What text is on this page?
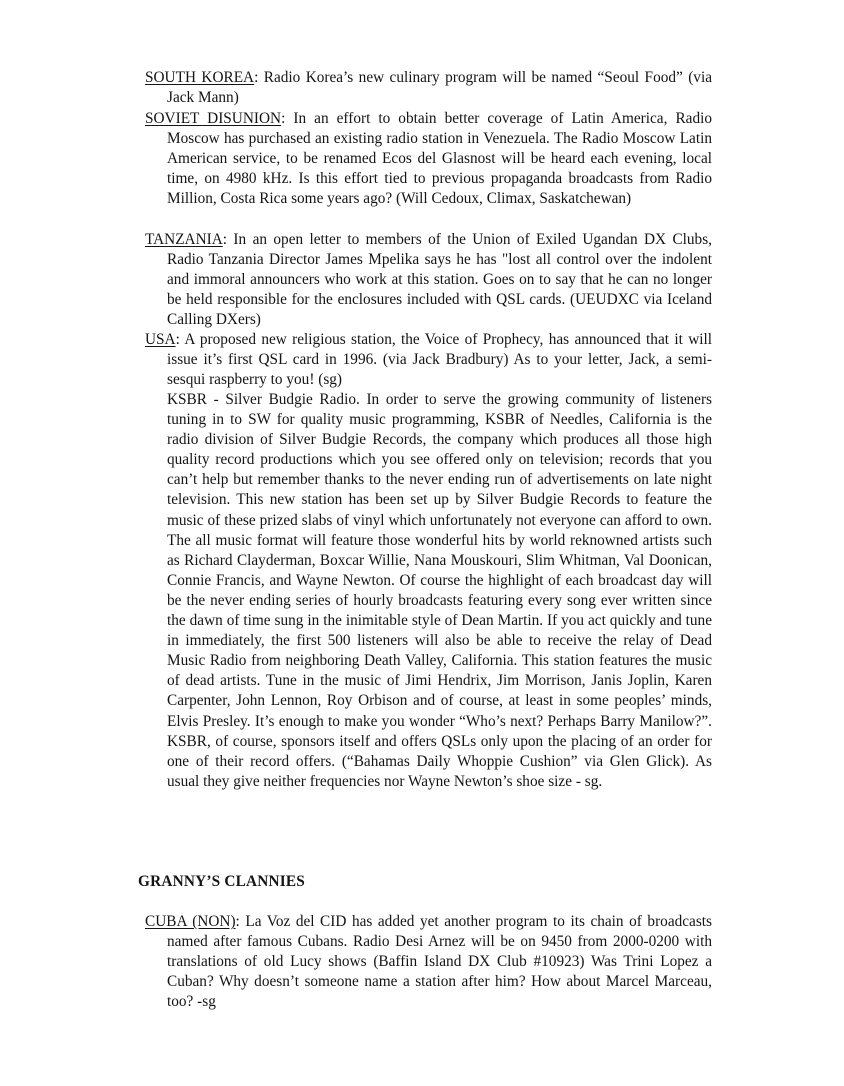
SOUTH KOREA: Radio Korea’s new culinary program will be named “Seoul Food” (via Jack Mann)

SOVIET DISUNION: In an effort to obtain better coverage of Latin America, Radio Moscow has purchased an existing radio station in Venezuela. The Radio Moscow Latin American service, to be renamed Ecos del Glasnost will be heard each evening, local time, on 4980 kHz. Is this effort tied to previous propaganda broadcasts from Radio Million, Costa Rica some years ago? (Will Cedoux, Climax, Saskatchewan)

TANZANIA: In an open letter to members of the Union of Exiled Ugandan DX Clubs, Radio Tanzania Director James Mpelika says he has "lost all control over the indolent and immoral announcers who work at this station. Goes on to say that he can no longer be held responsible for the enclosures included with QSL cards. (UEUDXC via Iceland Calling DXers)

USA: A proposed new religious station, the Voice of Prophecy, has announced that it will issue it’s first QSL card in 1996. (via Jack Bradbury) As to your letter, Jack, a semi-sesqui raspberry to you! (sg)

KSBR - Silver Budgie Radio. In order to serve the growing community of listeners tuning in to SW for quality music programming, KSBR of Needles, California is the radio division of Silver Budgie Records, the company which produces all those high quality record productions which you see offered only on television; records that you can’t help but remember thanks to the never ending run of advertisements on late night television. This new station has been set up by Silver Budgie Records to feature the music of these prized slabs of vinyl which unfortunately not everyone can afford to own. The all music format will feature those wonderful hits by world reknowned artists such as Richard Clayderman, Boxcar Willie, Nana Mouskouri, Slim Whitman, Val Doonican, Connie Francis, and Wayne Newton. Of course the highlight of each broadcast day will be the never ending series of hourly broadcasts featuring every song ever written since the dawn of time sung in the inimitable style of Dean Martin. If you act quickly and tune in immediately, the first 500 listeners will also be able to receive the relay of Dead Music Radio from neighboring Death Valley, California. This station features the music of dead artists. Tune in the music of Jimi Hendrix, Jim Morrison, Janis Joplin, Karen Carpenter, John Lennon, Roy Orbison and of course, at least in some peoples’ minds, Elvis Presley. It’s enough to make you wonder “Who’s next? Perhaps Barry Manilow?”. KSBR, of course, sponsors itself and offers QSLs only upon the placing of an order for one of their record offers. (“Bahamas Daily Whoppie Cushion” via Glen Glick). As usual they give neither frequencies nor Wayne Newton’s shoe size - sg.

GRANNY’S CLANNIES

CUBA (NON): La Voz del CID has added yet another program to its chain of broadcasts named after famous Cubans. Radio Desi Arnez will be on 9450 from 2000-0200 with translations of old Lucy shows (Baffin Island DX Club #10923) Was Trini Lopez a Cuban? Why doesn’t someone name a station after him? How about Marcel Marceau, too? -sg
